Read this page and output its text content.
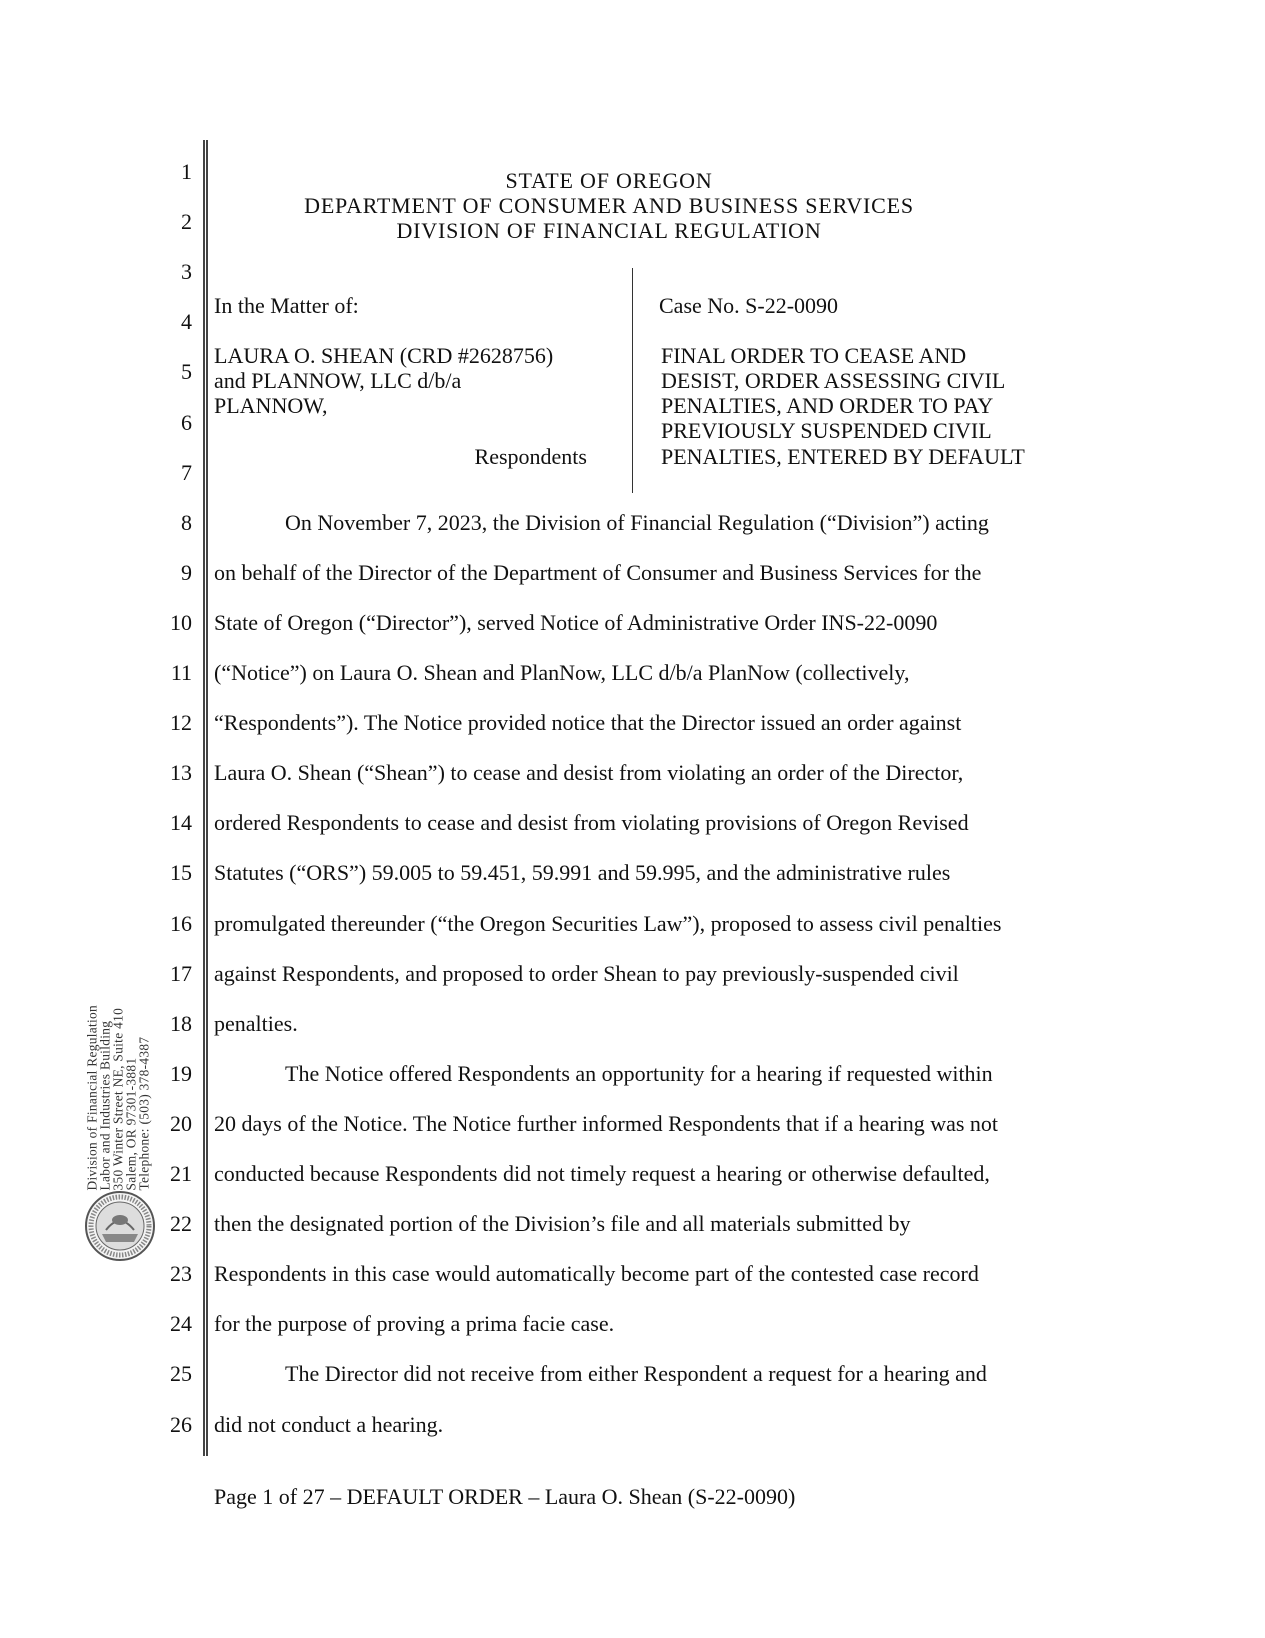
1
2
3
4
5
6
7
8
9
10
11
12
13
14
15
16
17
18
19
20
21
22
23
24
25
26
STATE OF OREGON
DEPARTMENT OF CONSUMER AND BUSINESS SERVICES
DIVISION OF FINANCIAL REGULATION
In the Matter of:
LAURA O. SHEAN (CRD #2628756)
and PLANNOW, LLC d/b/a
PLANNOW,
Respondents
Case No. S-22-0090
FINAL ORDER TO CEASE AND
DESIST, ORDER ASSESSING CIVIL
PENALTIES, AND ORDER TO PAY
PREVIOUSLY SUSPENDED CIVIL
PENALTIES, ENTERED BY DEFAULT
On November 7, 2023, the Division of Financial Regulation (“Division”) acting
on behalf of the Director of the Department of Consumer and Business Services for the
State of Oregon (“Director”), served Notice of Administrative Order INS-22-0090
(“Notice”) on Laura O. Shean and PlanNow, LLC d/b/a PlanNow (collectively,
“Respondents”). The Notice provided notice that the Director issued an order against
Laura O. Shean (“Shean”) to cease and desist from violating an order of the Director,
ordered Respondents to cease and desist from violating provisions of Oregon Revised
Statutes (“ORS”) 59.005 to 59.451, 59.991 and 59.995, and the administrative rules
promulgated thereunder (“the Oregon Securities Law”), proposed to assess civil penalties
against Respondents, and proposed to order Shean to pay previously-suspended civil
penalties.
The Notice offered Respondents an opportunity for a hearing if requested within
20 days of the Notice. The Notice further informed Respondents that if a hearing was not
conducted because Respondents did not timely request a hearing or otherwise defaulted,
then the designated portion of the Division’s file and all materials submitted by
Respondents in this case would automatically become part of the contested case record
for the purpose of proving a prima facie case.
The Director did not receive from either Respondent a request for a hearing and
did not conduct a hearing.
Division of Financial Regulation
Labor and Industries Building
350 Winter Street NE, Suite 410
Salem, OR 97301-3881
Telephone: (503) 378-4387
Page 1 of 27 – DEFAULT ORDER – Laura O. Shean (S-22-0090)
